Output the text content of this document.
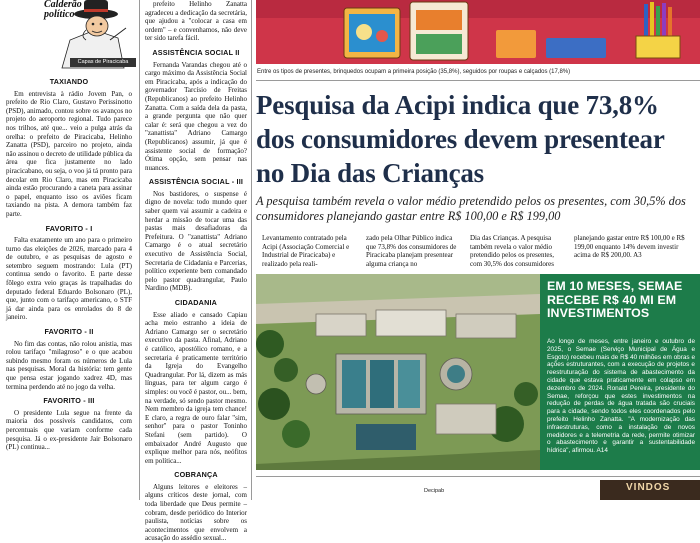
Calderão político
Capas de Piracicaba
TAXIANDO

Em entrevista à rádio Jovem Pan, o prefeito de Rio Claro, Gustavo Perissinotto (PSD), animado, contou sobre os avanços no projeto do aeroporto regional. Tudo parece nos trilhos, até que... veio a pulga atrás da orelha: o prefeito de Piracicaba, Helinho Zanatta (PSD), parceiro no projeto, ainda não assinou o decreto de utilidade pública da área que fica justamente no lado piracicabano, ou seja, o voo já tá pronto para decolar em Rio Claro, mas em Piracicaba ainda estão procurando a caneta para assinar o papel, enquanto isso os aviões ficam taxiando na pista. A demora também faz parte.

FAVORITO - I

Falta exatamente um ano para o primeiro turno das eleições de 2026, marcado para 4 de outubro, e as pesquisas de agosto e setembro seguem mostrando: Lula (PT) continua sendo o favorito. E parte desse fôlego extra veio graças às trapalhadas do deputado federal Eduardo Bolsonaro (PL), que, junto com o tarifaço americano, o STF já dar ainda para os enrolados do 8 de janeiro.

FAVORITO - II

No fim das contas, não rolou anistia, mas rolou tarifaço "milagroso" e o que acabou subindo mesmo foram os números de Lula nas pesquisas. Moral da história: tem gente que pensa estar jogando xadrez 4D, mas termina perdendo até no jogo da velha.

FAVORITO - III

O presidente Lula segue na frente da maioria dos possíveis candidatos, com percentuais que variam conforme cada pesquisa. Já o ex-presidente Jair Bolsonaro (PL) continua...

prefeito Helinho Zanatta agradeceu a dedicação da secretária, que ajudou a "colocar a casa em ordem" – e convenhamos, não deve ter sido tarefa fácil.

ASSISTÊNCIA SOCIAL II

Fernanda Varandas chegou até o cargo máximo da Assistência Social em Piracicaba, após a indicação do governador Tarcísio de Freitas (Republicanos) ao prefeito Helinho Zanatta. Com a saída dela da pasta, a grande pergunta que não quer calar é: será que chegou a vez do "zanattista" Adriano Camargo (Republicanos) assumir, já que é assistente social de formação? Ótima opção, sem pensar nas nuances.

ASSISTÊNCIA SOCIAL - III

Nos bastidores, o suspense é digno de novela: todo mundo quer saber quem vai assumir a cadeira e herdar a missão de tocar uma das pastas mais desafiadoras da Prefeitura. O "zanattista" Adriano Camargo é o atual secretário executivo de Assistência Social, Secretaria de Cidadania e Parcerias, político experiente bem comandado pelo pastor quadrangular, Paulo Nardino (MDB).

CIDADANIA

Esse aliado e cansado Capiau acha meio estranho a ideia de Adriano Camargo ser o secretário executivo da pasta. Afinal, Adriano é católico, apostólico romano, e a secretaria é praticamente território da Igreja do Evangelho Quadrangular. Por lá, dizem as más línguas, para ter algum cargo é simples: ou você é pastor, ou... bem, na verdade, só sendo pastor mesmo. Nem membro da igreja tem chance! E claro, a regra de ouro falar "sim, senhor" para o pastor Toninho Stefani (sem partido). O embaixador André Augusto que explique melhor para nós, neófitos em política...

COBRANÇA

Alguns leitores e eleitores – alguns críticos deste jornal, com toda liberdade que Deus permite – cobram, desde periódico do Interior paulista, notícias sobre os acontecimentos que envolvem a acusação do assédio sexual...

Entre os tipos de presentes, brinquedos ocupam a primeira posição (35,8%), seguidos por roupas e calçados (17,8%)
Pesquisa da Acipi indica que 73,8% dos consumidores devem presentear no Dia das Crianças
A pesquisa também revela o valor médio pretendido pelos os presentes, com 30,5% dos consumidores planejando gastar entre R$ 100,00 e R$ 199,00
Levantamento contratado pela Acipi (Associação Comercial e Industrial de Piracicaba) e realizado pela reali-
zado pela Olhar Público indica que 73,8% dos consumidores de Piracicaba planejam presentear alguma criança no
Dia das Crianças. A pesquisa também revela o valor médio pretendido pelos os presentes, com 30,5% dos consumidores
planejando gastar entre R$ 100,00 e R$ 199,00 enquanto 14% devem investir acima de R$ 200,00. A3
EM 10 MESES, SEMAE RECEBE R$ 40 MI EM INVESTIMENTOS
Ao longo de meses, entre janeiro e outubro de 2025, o Semae (Serviço Municipal de Água e Esgoto) recebeu mais de R$ 40 milhões em obras e ações estruturantes, com a execução de projetos e reestruturação do sistema de abastecimento da cidade que estava praticamente em colapso em dezembro de 2024. Ronald Pereira, presidente do Semae, reforçou que estes investimentos na redução de perdas de água tratada são cruciais para a cidade, sendo todos eles coordenados pelo prefeito Helinho Zanatta. "A modernização das infraestruturas, como a instalação de novos medidores e a telemetria da rede, permite otimizar o abastecimento e garantir a sustentabilidade hídrica", afirmou. A14
Decipab	VINDOS
